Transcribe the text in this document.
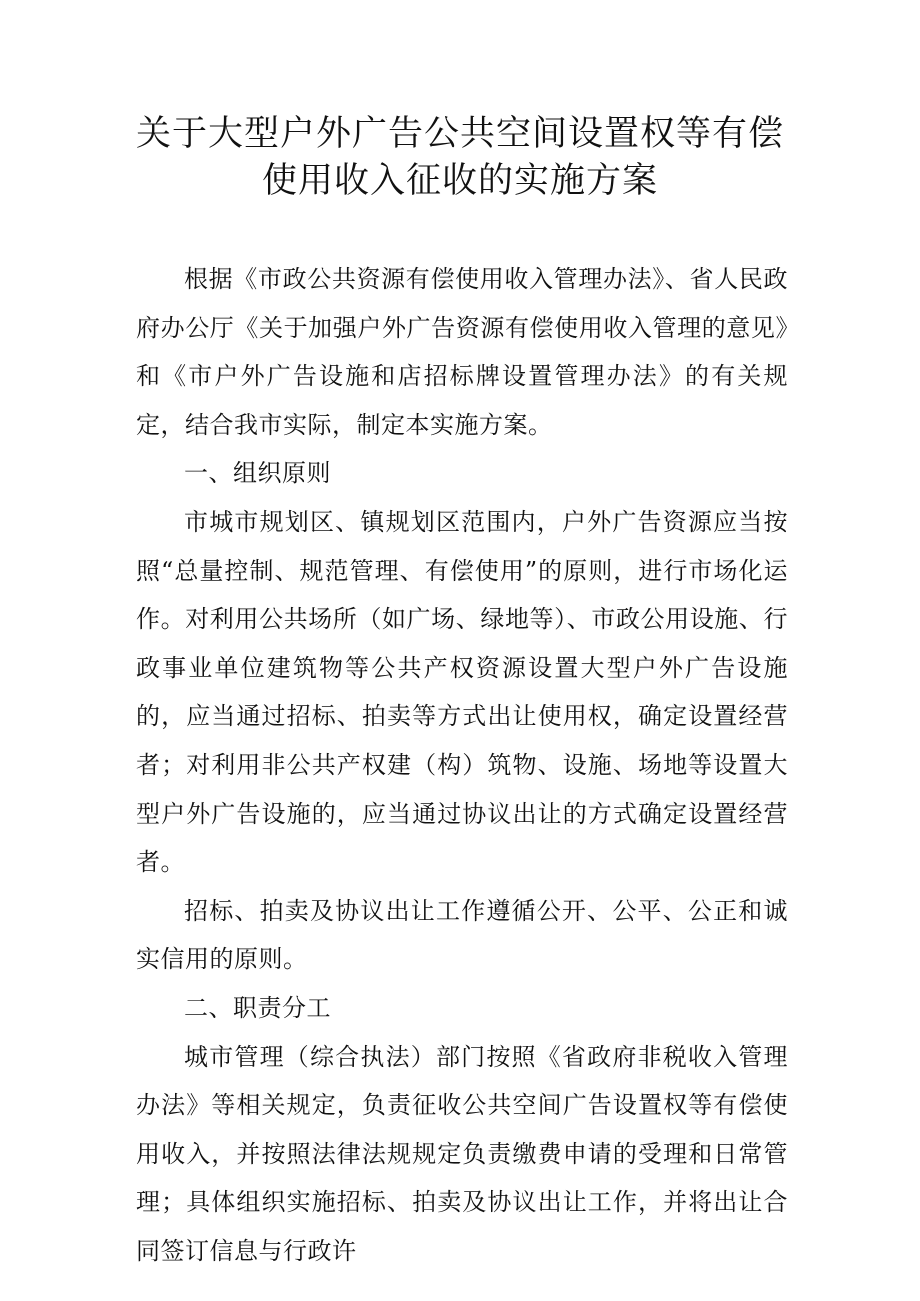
关于大型户外广告公共空间设置权等有偿
使用收入征收的实施方案

根据《市政公共资源有偿使用收入管理办法》、省人民政府办公厅《关于加强户外广告资源有偿使用收入管理的意见》和《市户外广告设施和店招标牌设置管理办法》的有关规定，结合我市实际，制定本实施方案。

一、组织原则

市城市规划区、镇规划区范围内，户外广告资源应当按照“总量控制、规范管理、有偿使用”的原则，进行市场化运作。对利用公共场所（如广场、绿地等）、市政公用设施、行政事业单位建筑物等公共产权资源设置大型户外广告设施的，应当通过招标、拍卖等方式出让使用权，确定设置经营者；对利用非公共产权建（构）筑物、设施、场地等设置大型户外广告设施的，应当通过协议出让的方式确定设置经营者。

招标、拍卖及协议出让工作遵循公开、公平、公正和诚实信用的原则。

二、职责分工

城市管理（综合执法）部门按照《省政府非税收入管理办法》等相关规定，负责征收公共空间广告设置权等有偿使用收入，并按照法律法规规定负责缴费申请的受理和日常管理；具体组织实施招标、拍卖及协议出让工作，并将出让合同签订信息与行政许
